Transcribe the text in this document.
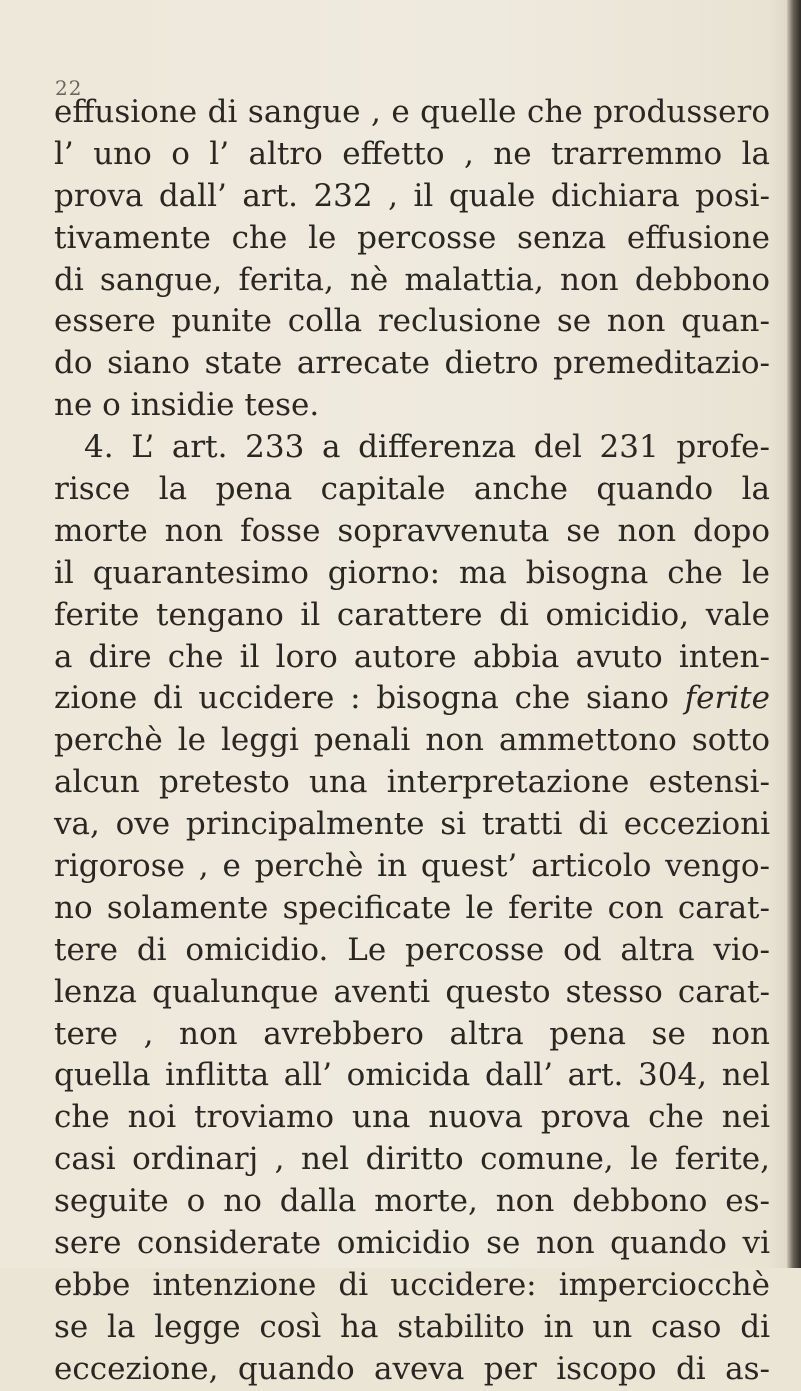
22
effusione di sangue , e quelle che produssero
l’ uno o l’ altro effetto , ne trarremmo la
prova dall’ art. 232 , il quale dichiara posi-
tivamente che le percosse senza effusione
di sangue, ferita, nè malattia, non debbono
essere punite colla reclusione se non quan-
do siano state arrecate dietro premeditazio-
ne o insidie tese.
4. L’ art. 233 a differenza del 231 profe-
risce la pena capitale anche quando la
morte non fosse sopravvenuta se non dopo
il quarantesimo giorno: ma bisogna che le
ferite tengano il carattere di omicidio, vale
a dire che il loro autore abbia avuto inten-
zione di uccidere : bisogna che siano ferite
perchè le leggi penali non ammettono sotto
alcun pretesto una interpretazione estensi-
va, ove principalmente si tratti di eccezioni
rigorose , e perchè in quest’ articolo vengo-
no solamente specificate le ferite con carat-
tere di omicidio. Le percosse od altra vio-
lenza qualunque aventi questo stesso carat-
tere , non avrebbero altra pena se non
quella inflitta all’ omicida dall’ art. 304, nel
che noi troviamo una nuova prova che nei
casi ordinarj , nel diritto comune, le ferite,
seguite o no dalla morte, non debbono es-
sere considerate omicidio se non quando vi
ebbe intenzione di uccidere: imperciocchè
se la legge così ha stabilito in un caso di
eccezione, quando aveva per iscopo di as-
